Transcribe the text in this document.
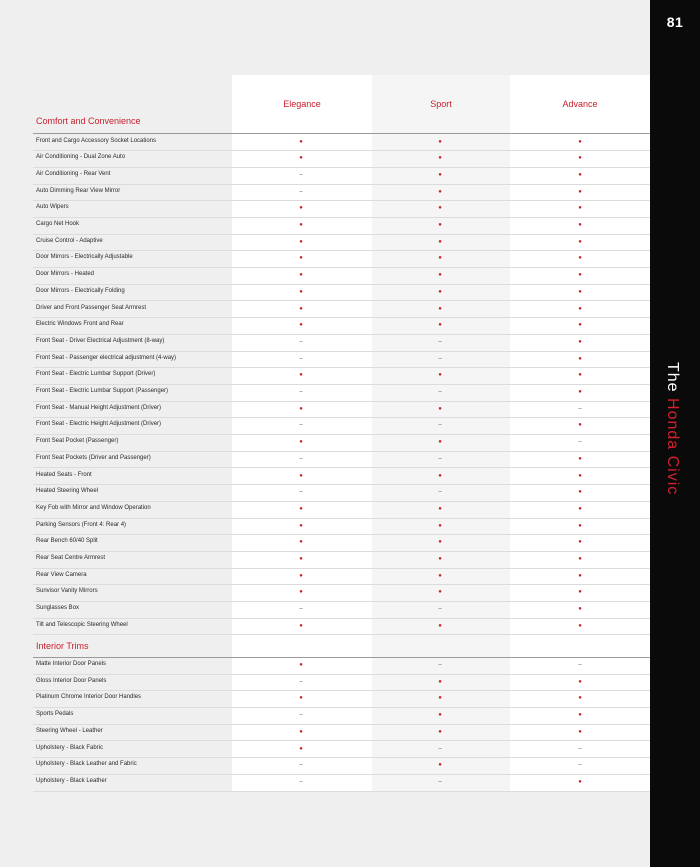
81
The Honda Civic
Elegance	Sport	Advance
Comfort and Convenience
Interior Trims
Front and Cargo Accessory Socket Locations	●	●	●
Air Conditioning - Dual Zone Auto	●	●	●
Air Conditioning - Rear Vent	–	●	●
Auto Dimming Rear View Mirror	–	●	●
Auto Wipers	●	●	●
Cargo Net Hook	●	●	●
Cruise Control - Adaptive	●	●	●
Door Mirrors - Electrically Adjustable	●	●	●
Door Mirrors - Heated	●	●	●
Door Mirrors - Electrically Folding	●	●	●
Driver and Front Passenger Seat Armrest	●	●	●
Electric Windows Front and Rear	●	●	●
Front Seat - Driver Electrical Adjustment (8-way)	–	–	●
Front Seat - Passenger electrical adjustment (4-way)	–	–	●
Front Seat - Electric Lumbar Support (Driver)	●	●	●
Front Seat - Electric Lumbar Support (Passenger)	–	–	●
Front Seat - Manual Height Adjustment (Driver)	●	●	–
Front Seat - Electric Height Adjustment (Driver)	–	–	●
Front Seat Pocket (Passenger)	●	●	–
Front Seat Pockets (Driver and Passenger)	–	–	●
Heated Seats - Front	●	●	●
Heated Steering Wheel	–	–	●
Key Fob with Mirror and Window Operation	●	●	●
Parking Sensors (Front 4: Rear 4)	●	●	●
Rear Bench 60/40 Split	●	●	●
Rear Seat Centre Armrest	●	●	●
Rear View Camera	●	●	●
Sunvisor Vanity Mirrors	●	●	●
Sunglasses Box	–	–	●
Tilt and Telescopic Steering Wheel	●	●	●
Matte Interior Door Panels	●	–	–
Gloss Interior Door Panels	–	●	●
Platinum Chrome Interior Door Handles	●	●	●
Sports Pedals	–	●	●
Steering Wheel - Leather	●	●	●
Upholstery - Black Fabric	●	–	–
Upholstery - Black Leather and Fabric	–	●	–
Upholstery - Black Leather	–	–	●
